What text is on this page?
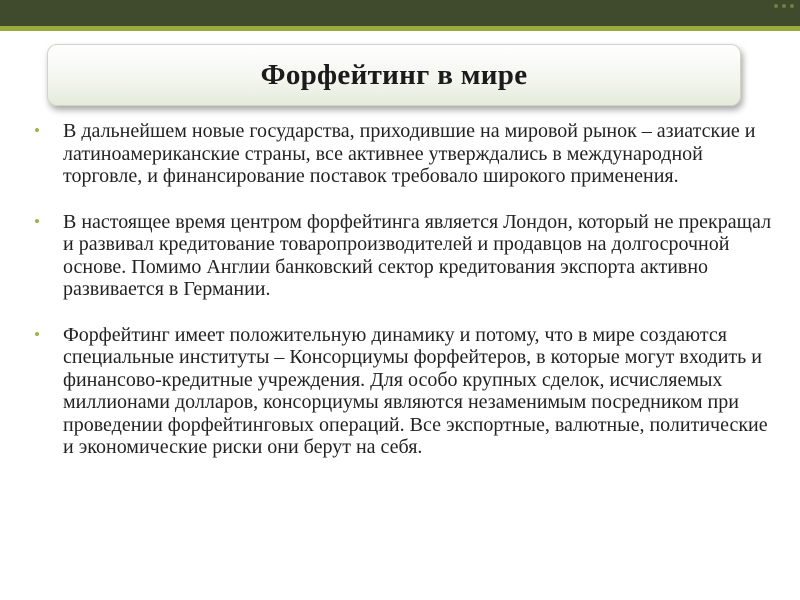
Форфейтинг в мире
• В дальнейшем новые государства, приходившие на мировой рынок – азиатские и латиноамериканские страны, все активнее утверждались в международной торговле, и финансирование поставок требовало широкого применения.
• В настоящее время центром форфейтинга является Лондон, который не прекращал и развивал кредитование товаропроизводителей и продавцов на долгосрочной основе. Помимо Англии банковский сектор кредитования экспорта активно развивается в Германии.
• Форфейтинг имеет положительную динамику и потому, что в мире создаются специальные институты – Консорциумы форфейтеров, в которые могут входить и финансово-кредитные учреждения. Для особо крупных сделок, исчисляемых миллионами долларов, консорциумы являются незаменимым посредником при проведении форфейтинговых операций. Все экспортные, валютные, политические и экономические риски они берут на себя.
